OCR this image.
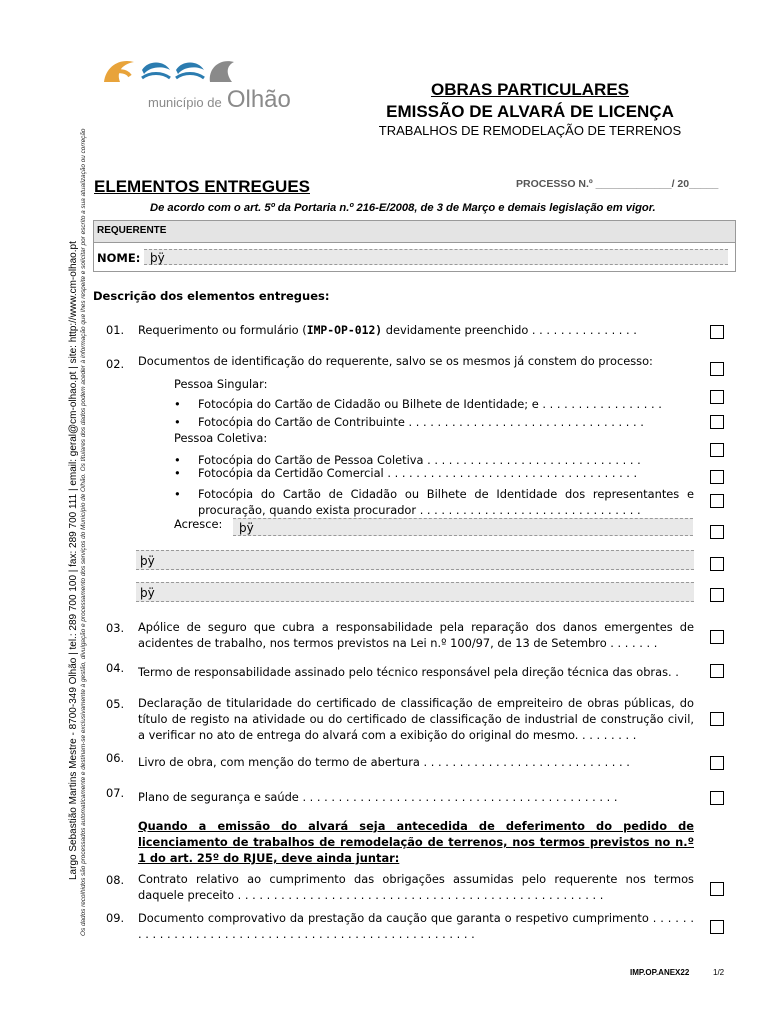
município de Olhão	OBRAS PARTICULARES
EMISSÃO DE ALVARÁ DE LICENÇA
TRABALHOS DE REMODELAÇÃO DE TERRENOS
Largo Sebastião Martins Mestre - 8700-349 Olhão | tel.: 289 700 100 | fax: 289 700 111 | email: geral@cm-olhao.pt | site: http://www.cm-olhao.pt Os dados recolhidos são processados automaticamente e destinam-se exclusivamente à gestão, divulgação e processamento dos serviços do Município de Olhão. Os titulares dos dados podem aceder à informação que lhes respeite e solicitar por escrito a sua atualização ou correção ELEMENTOS ENTREGUES	PROCESSO N.º _____________/ 20_____
De acordo com o art. 5º da Portaria n.º 216-E/2008, de 3 de Março e demais legislação em vigor.
REQUERENTE
NOME: þÿ
Descrição dos elementos entregues:
01. Requerimento ou formulário (IMP-OP-012) devidamente preenchido . . . . . . . . . . . . . . .
02. Documentos de identificação do requerente, salvo se os mesmos já constem do processo:
Pessoa Singular:
• Fotocópia do Cartão de Cidadão ou Bilhete de Identidade; e . . . . . . . . . . . . . . . . .
• Fotocópia do Cartão de Contribuinte . . . . . . . . . . . . . . . . . . . . . . . . . . . . . . . . .
Pessoa Coletiva:
• Fotocópia do Cartão de Pessoa Coletiva . . . . . . . . . . . . . . . . . . . . . . . . . . . . . .
• Fotocópia da Certidão Comercial . . . . . . . . . . . . . . . . . . . . . . . . . . . . . . . . . . .
• Fotocópia do Cartão de Cidadão ou Bilhete de Identidade dos representantes e procuração, quando exista procurador . . . . . . . . . . . . . . . . . . . . . . . . . . . . . . .
Acresce:	þÿ
þÿ
þÿ
03. Apólice de seguro que cubra a responsabilidade pela reparação dos danos emergentes de acidentes de trabalho, nos termos previstos na Lei n.º 100/97, de 13 de Setembro . . . . . . .
04. Termo de responsabilidade assinado pelo técnico responsável pela direção técnica das obras. .
05. Declaração de titularidade do certificado de classificação de empreiteiro de obras públicas, do título de registo na atividade ou do certificado de classificação de industrial de construção civil, a verificar no ato de entrega do alvará com a exibição do original do mesmo. . . . . . . . .
06. Livro de obra, com menção do termo de abertura . . . . . . . . . . . . . . . . . . . . . . . . . . . . .
07. Plano de segurança e saúde . . . . . . . . . . . . . . . . . . . . . . . . . . . . . . . . . . . . . . . . . . . .
Quando a emissão do alvará seja antecedida de deferimento do pedido de licenciamento de trabalhos de remodelação de terrenos, nos termos previstos no n.º 1 do art. 25º do RJUE, deve ainda juntar:
08. Contrato relativo ao cumprimento das obrigações assumidas pelo requerente nos termos daquele preceito . . . . . . . . . . . . . . . . . . . . . . . . . . . . . . . . . . . . . . . . . . . . . . . . . . .
09. Documento comprovativo da prestação da caução que garanta o respetivo cumprimento . . . . . . . . . . . . . . . . . . . . . . . . . . . . . . . . . . . . . . . . . . . . . . . . . . . . .
IMP.OP.ANEX22	1/2
